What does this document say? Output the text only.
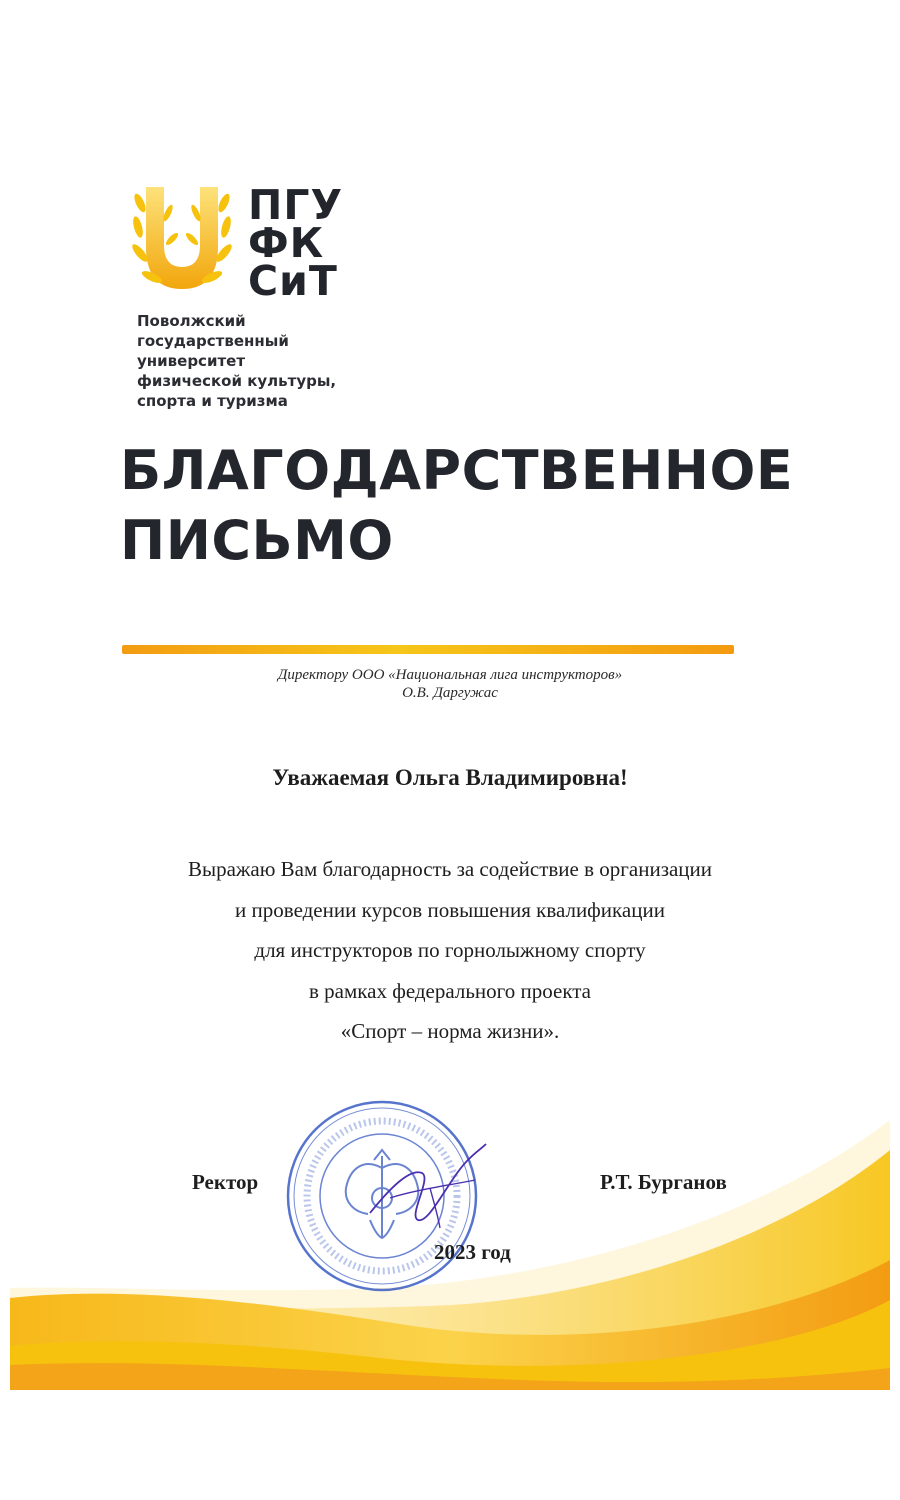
ПГУ
ФК
СиТ
Поволжский
государственный
университет
физической культуры,
спорта и туризма
БЛАГОДАРСТВЕННОЕ
ПИСЬМО
Директору ООО «Национальная лига инструкторов»
О.В. Даргужас
Уважаемая Ольга Владимировна!
Выражаю Вам благодарность за содействие в организации
и проведении курсов повышения квалификации
для инструкторов по горнолыжному спорту
в рамках федерального проекта
«Спорт – норма жизни».
Ректор	Р.Т. Бурганов
2023 год
